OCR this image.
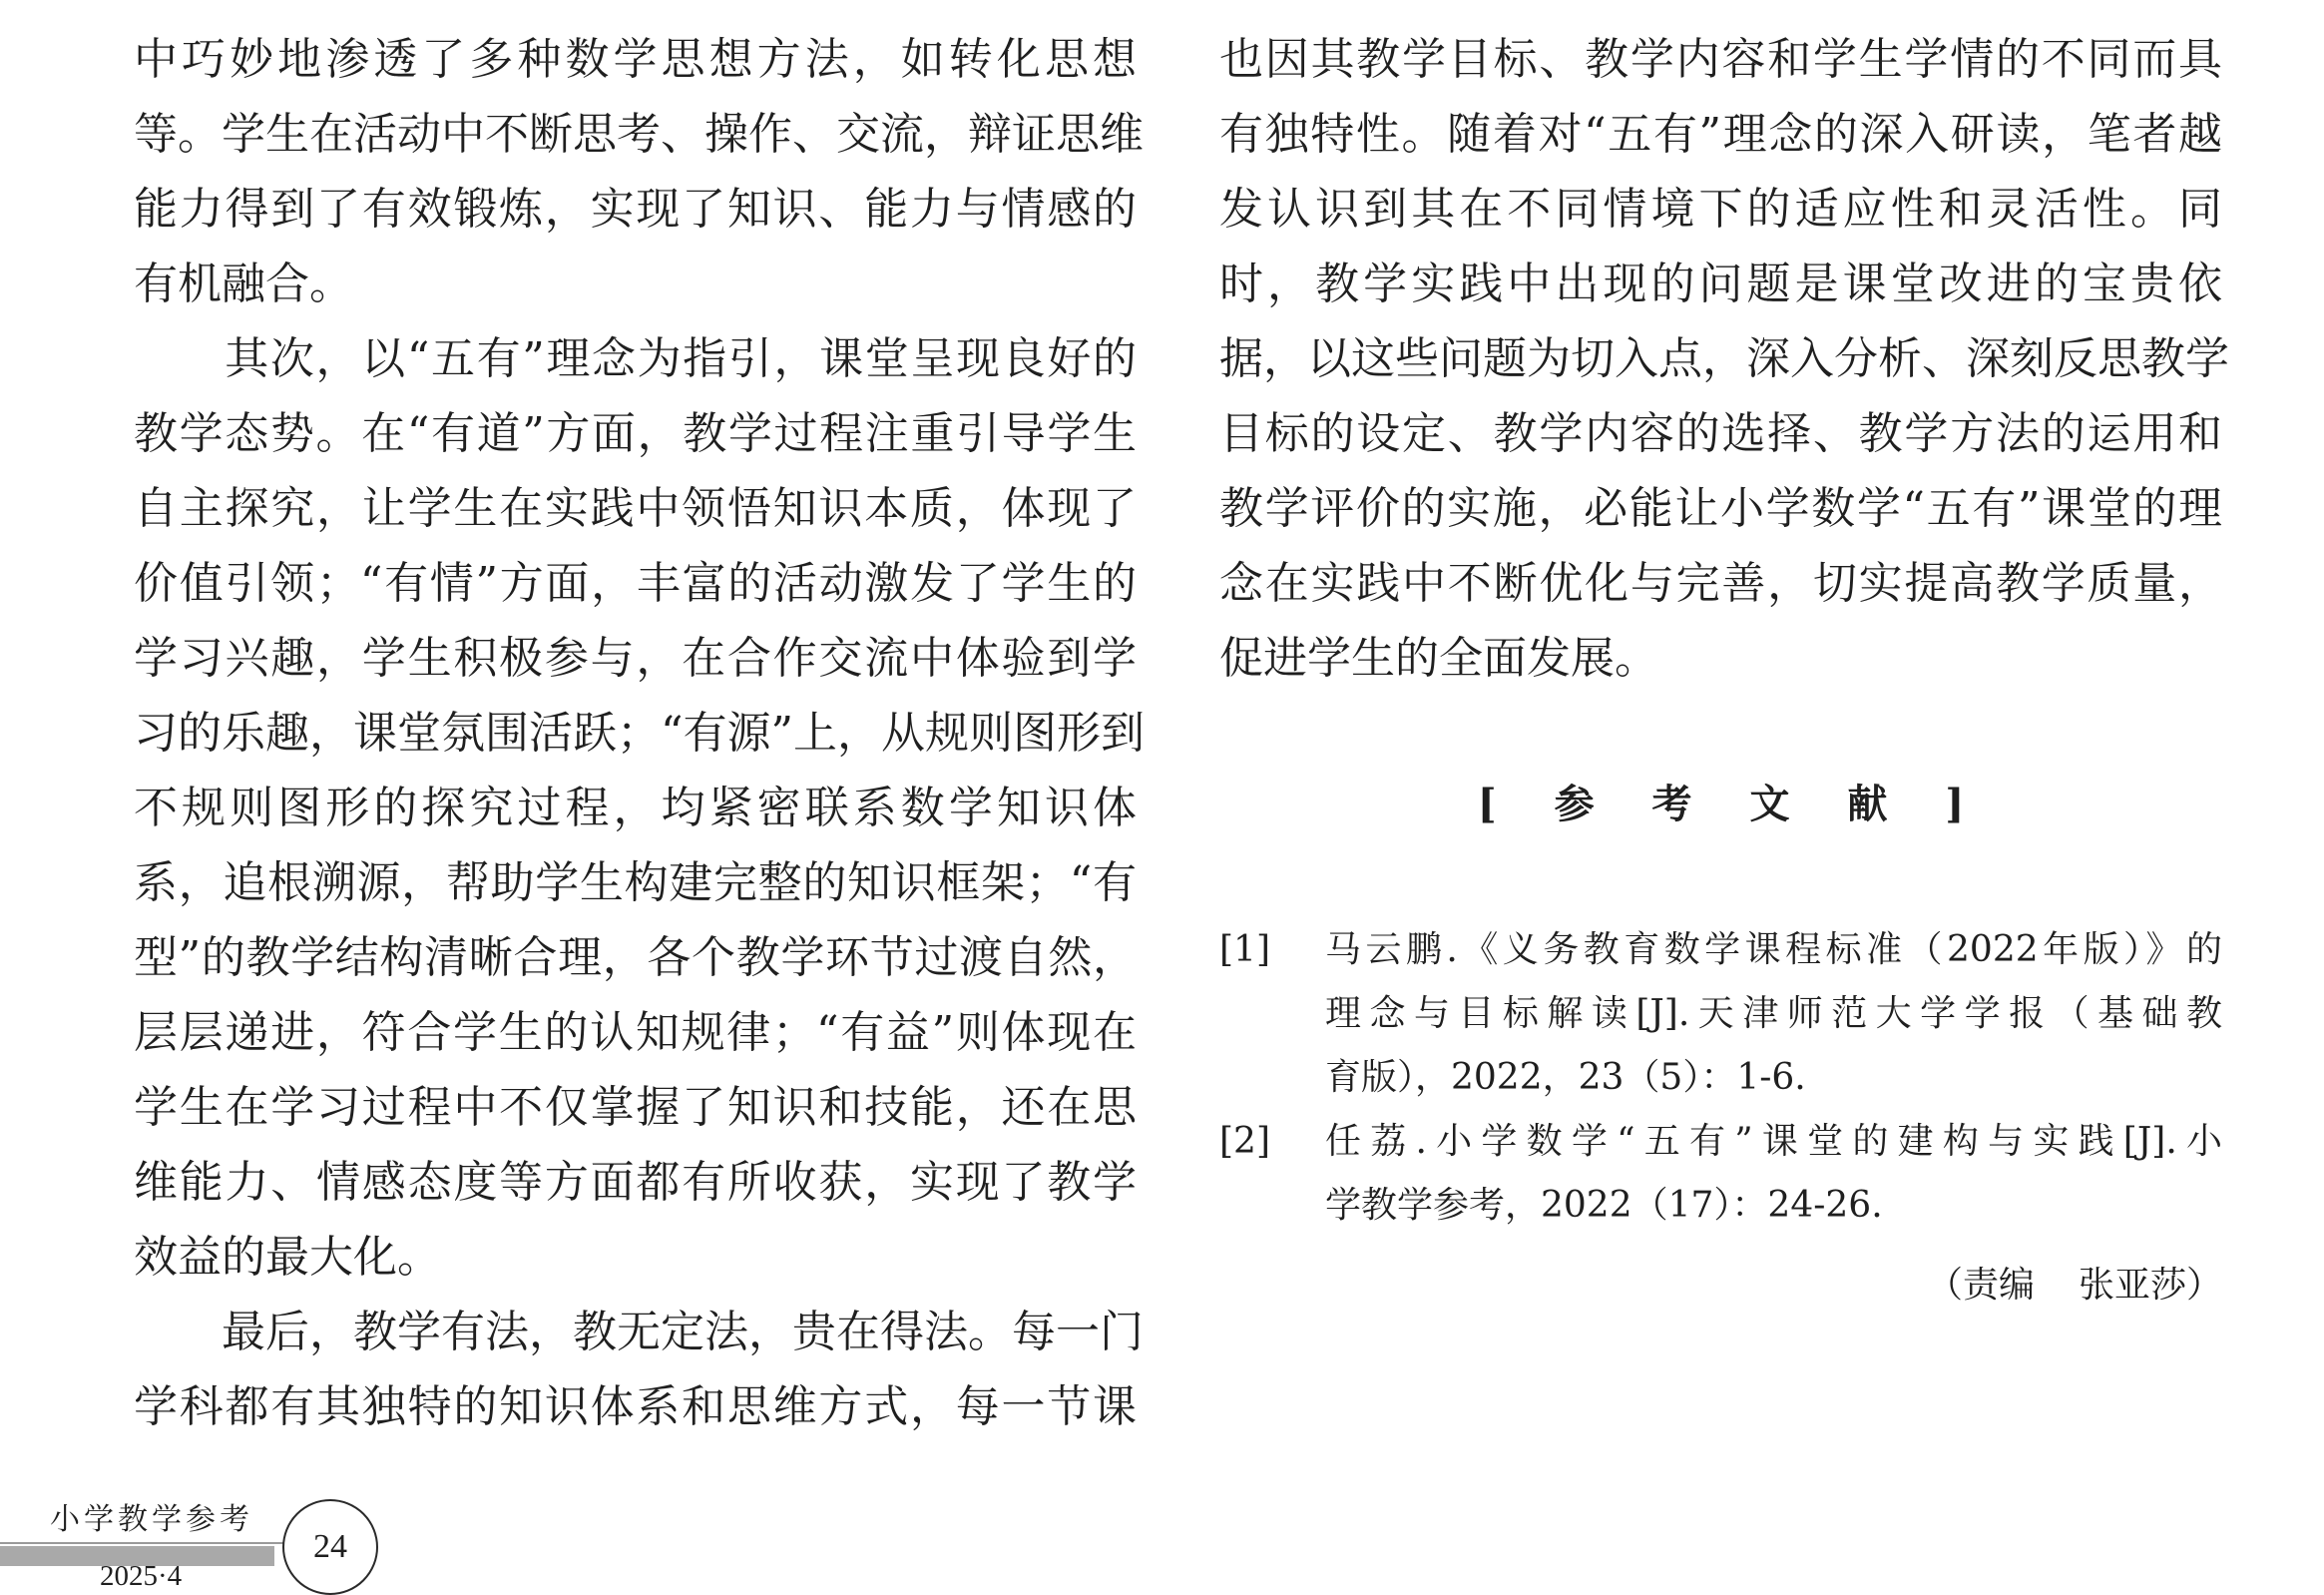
中巧妙地渗透了多种数学思想方法，如转化思想
等。学生在活动中不断思考、操作、交流，辩证思维
能力得到了有效锻炼，实现了知识、能力与情感的
有机融合。
　　其次，以“五有”理念为指引，课堂呈现良好的
教学态势。在“有道”方面，教学过程注重引导学生
自主探究，让学生在实践中领悟知识本质，体现了
价值引领；“有情”方面，丰富的活动激发了学生的
学习兴趣，学生积极参与，在合作交流中体验到学
习的乐趣，课堂氛围活跃；“有源”上，从规则图形到
不规则图形的探究过程，均紧密联系数学知识体
系，追根溯源，帮助学生构建完整的知识框架；“有
型”的教学结构清晰合理，各个教学环节过渡自然，
层层递进，符合学生的认知规律；“有益”则体现在
学生在学习过程中不仅掌握了知识和技能，还在思
维能力、情感态度等方面都有所收获，实现了教学
效益的最大化。
　　最后，教学有法，教无定法，贵在得法。每一门
学科都有其独特的知识体系和思维方式，每一节课
也因其教学目标、教学内容和学生学情的不同而具
有独特性。随着对“五有”理念的深入研读，笔者越
发认识到其在不同情境下的适应性和灵活性。同
时，教学实践中出现的问题是课堂改进的宝贵依
据，以这些问题为切入点，深入分析、深刻反思教学
目标的设定、教学内容的选择、教学方法的运用和
教学评价的实施，必能让小学数学“五有”课堂的理
念在实践中不断优化与完善，切实提高教学质量，
促进学生的全面发展。
[ 参 考 文 献 ]
[1]	马云鹏.《义务教育数学课程标准（2022年版）》的
理念与目标解读[J].天津师范大学学报（基础教
育版），2022，23（5）：1-6.
[2]	任荔.小学数学“五有”课堂的建构与实践[J].小
学教学参考，2022（17）：24-26.
（责编 张亚莎）
小学教学参考
2025·4
24
